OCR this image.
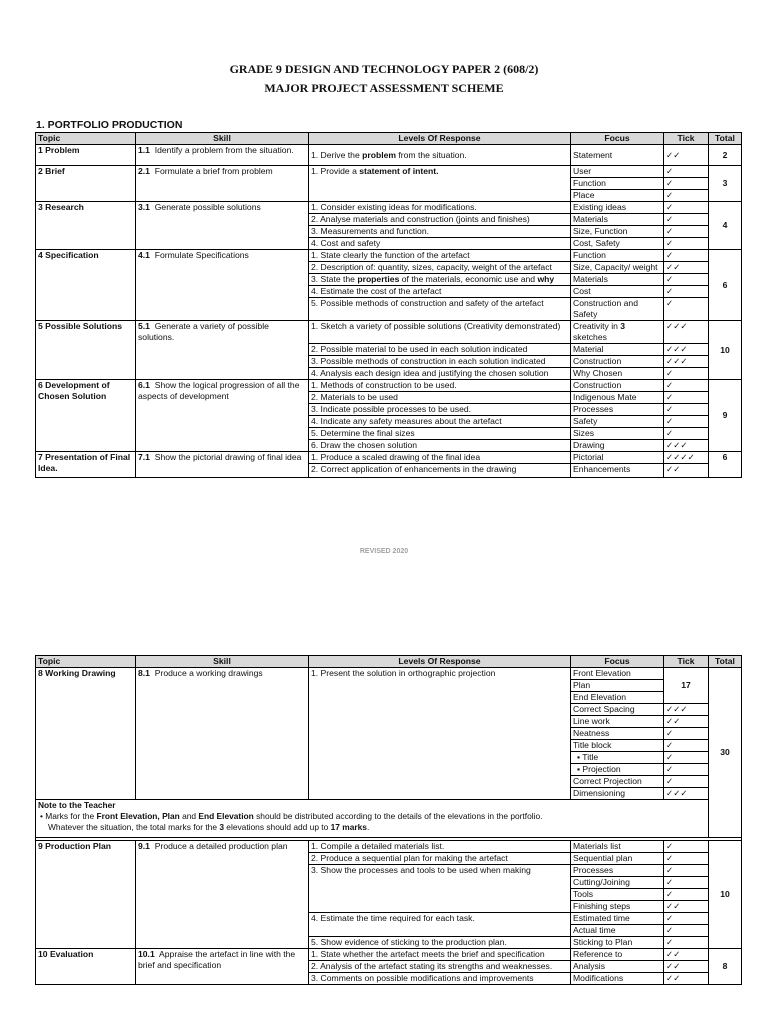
GRADE 9 DESIGN AND TECHNOLOGY PAPER 2 (608/2)
MAJOR PROJECT ASSESSMENT SCHEME
1. PORTFOLIO PRODUCTION
Topic	Skill	Levels Of Response	Focus	Tick	Total
1 Problem	1.1 Identify a problem from the situation.	1. Derive the problem from the situation.	Statement	✓✓	2
2 Brief	2.1 Formulate a brief from problem	1. Provide a statement of intent.	User	✓	3
			Function	✓	
			Place	✓	
3 Research	3.1 Generate possible solutions	1. Consider existing ideas for modifications.	Existing ideas	✓	4
		2. Analyse materials and construction (joints and finishes)	Materials	✓	
		3. Measurements and function.	Size, Function	✓	
		4. Cost and safety	Cost, Safety	✓	
4 Specification	4.1 Formulate Specifications	1. State clearly the function of the artefact	Function	✓	6
		2. Description of: quantity, sizes, capacity, weight of the artefact	Size, Capacity/ weight	✓✓	
		3. State the properties of the materials, economic use and why	Materials	✓	
		4. Estimate the cost of the artefact	Cost	✓	
		5. Possible methods of construction and safety of the artefact	Construction and Safety	✓	
5 Possible Solutions	5.1 Generate a variety of possible solutions.	1. Sketch a variety of possible solutions (Creativity demonstrated)	Creativity in 3 sketches	✓✓✓	10
		2. Possible material to be used in each solution indicated	Material	✓✓✓	
		3. Possible methods of construction in each solution indicated	Construction	✓✓✓	
		4. Analysis each design idea and justifying the chosen solution	Why Chosen	✓	
6 Development of Chosen Solution	6.1 Show the logical progression of all the aspects of development	1. Methods of construction to be used.	Construction	✓	9
		2. Materials to be used	Indigenous Mate	✓	
		3. Indicate possible processes to be used.	Processes	✓	
		4. Indicate any safety measures about the artefact	Safety	✓	
		5. Determine the final sizes	Sizes	✓	
		6. Draw the chosen solution	Drawing	✓✓✓	
7 Presentation of Final Idea.	7.1 Show the pictorial drawing of final idea	1. Produce a scaled drawing of the final idea	Pictorial	✓✓✓✓	6
		2. Correct application of enhancements in the drawing	Enhancements	✓✓	
REVISED 2020
Topic	Skill	Levels Of Response	Focus	Tick	Total
8 Working Drawing	8.1 Produce a working drawings	1. Present the solution in orthographic projection	Front Elevation	17	30
			Plan		
			End Elevation		
			Correct Spacing	✓✓✓	
			Line work	✓✓	
			Neatness	✓	
			Title block	✓	
			▪ Title	✓	
			▪ Projection	✓	
			Correct Projection	✓	
			Dimensioning	✓✓✓	

Note to the Teacher
• Marks for the Front Elevation, Plan and End Elevation should be distributed according to the details of the elevations in the portfolio.
Whatever the situation, the total marks for the 3 elevations should add up to 17 marks.					

9 Production Plan	9.1 Produce a detailed production plan	1. Compile a detailed materials list.	Materials list	✓	10
		2. Produce a sequential plan for making the artefact	Sequential plan	✓	
		3. Show the processes and tools to be used when making	Processes	✓	
			Cutting/Joining	✓	
			Tools	✓	
			Finishing steps	✓✓	
		4. Estimate the time required for each task.	Estimated time	✓	
			Actual time	✓	
		5. Show evidence of sticking to the production plan.	Sticking to Plan	✓	
10 Evaluation	10.1 Appraise the artefact in line with the brief and specification	1. State whether the artefact meets the brief and specification	Reference to	✓✓	8
		2. Analysis of the artefact stating its strengths and weaknesses.	Analysis	✓✓	
		3. Comments on possible modifications and improvements	Modifications	✓✓	
